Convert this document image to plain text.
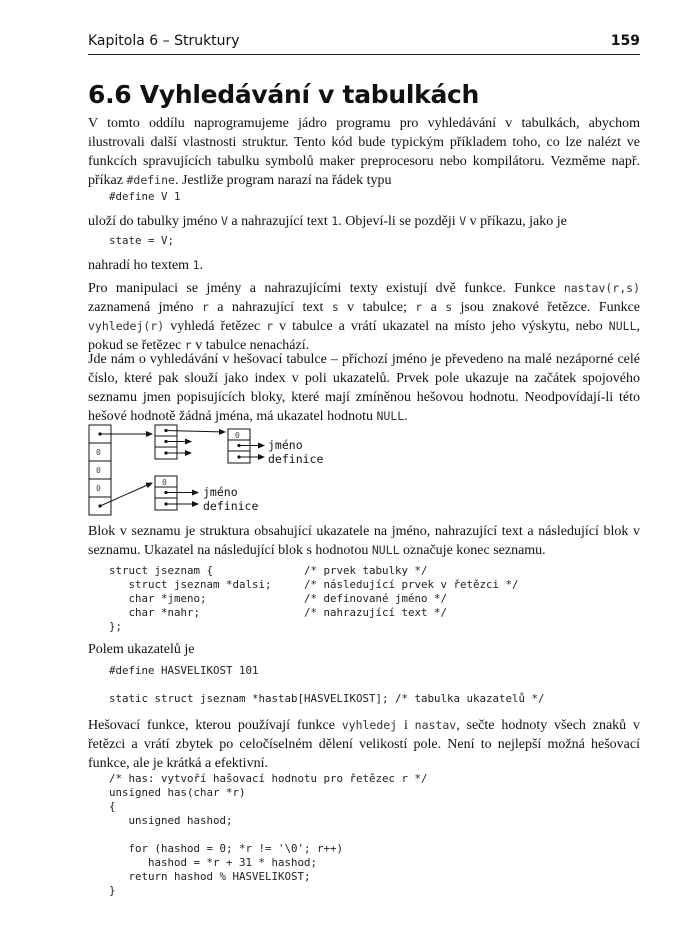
Kapitola 6 – Struktury	159
6.6 Vyhledávání v tabulkách

V tomto oddílu naprogramujeme jádro programu pro vyhledávání v tabulkách, abychom ilustrovali další vlastnosti struktur. Tento kód bude typickým příkladem toho, co lze nalézt ve funkcích spravujících tabulku symbolů maker preprocesoru nebo kompilátoru. Vezměme např. příkaz #define. Jestliže program narazí na řádek typu

#define V 1

uloží do tabulky jméno V a nahrazující text 1. Objeví-li se později V v příkazu, jako je

state = V;

nahradí ho textem 1.

Pro manipulaci se jmény a nahrazujícími texty existují dvě funkce. Funkce nastav(r,s) zaznamená jméno r a nahrazující text s v tabulce; r a s jsou znakové řetězce. Funkce vyhledej(r) vyhledá řetězec r v tabulce a vrátí ukazatel na místo jeho výskytu, nebo NULL, pokud se řetězec r v tabulce nenachází.

Jde nám o vyhledávání v hešovací tabulce – příchozí jméno je převedeno na malé nezáporné celé číslo, které pak slouží jako index v poli ukazatelů. Prvek pole ukazuje na začátek spojového seznamu jmen popisujících bloky, které mají zmíněnou hešovou hodnotu. Neodpovídají-li této hešové hodnotě žádná jména, má ukazatel hodnotu NULL.

0
0
0
0
0
jméno
definice
jméno
definice

Blok v seznamu je struktura obsahující ukazatele na jméno, nahrazující text a následující blok v seznamu. Ukazatel na následující blok s hodnotou NULL označuje konec seznamu.

struct jseznam {              /* prvek tabulky */
struct jseznam *dalsi;     /* následující prvek v řetězci */
char *jmeno;               /* definované jméno */
char *nahr;                /* nahrazující text */
};

Polem ukazatelů je

#define HASVELIKOST 101

static struct jseznam *hastab[HASVELIKOST]; /* tabulka ukazatelů */

Hešovací funkce, kterou používají funkce vyhledej i nastav, sečte hodnoty všech znaků v řetězci a vrátí zbytek po celočíselném dělení velikostí pole. Není to nejlepší možná hešovací funkce, ale je krátká a efektivní.

/* has: vytvoří hašovací hodnotu pro řetězec r */
unsigned has(char *r)
{
unsigned hashod;

for (hashod = 0; *r != '\0'; r++)
hashod = *r + 31 * hashod;
return hashod % HASVELIKOST;
}
